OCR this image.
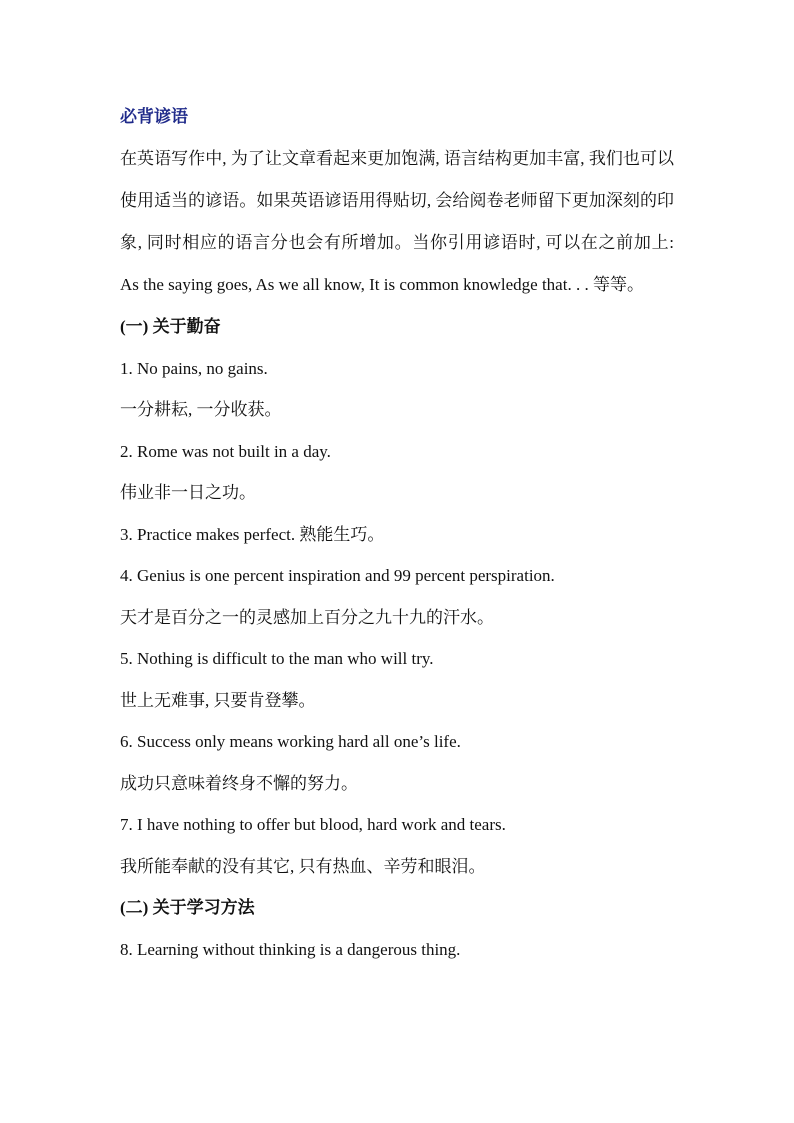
必背谚语

在英语写作中, 为了让文章看起来更加饱满, 语言结构更加丰富, 我们也可以使用适当的谚语。如果英语谚语用得贴切, 会给阅卷老师留下更加深刻的印象, 同时相应的语言分也会有所增加。当你引用谚语时, 可以在之前加上: As the saying goes, As we all know, It is common knowledge that. . . 等等。

(一) 关于勤奋

1. No pains, no gains.

一分耕耘, 一分收获。

2. Rome was not built in a day.

伟业非一日之功。

3. Practice makes perfect. 熟能生巧。

4. Genius is one percent inspiration and 99 percent perspiration.

天才是百分之一的灵感加上百分之九十九的汗水。

5. Nothing is difficult to the man who will try.

世上无难事, 只要肯登攀。

6. Success only means working hard all one’s life.

成功只意味着终身不懈的努力。

7. I have nothing to offer but blood, hard work and tears.

我所能奉献的没有其它, 只有热血、辛劳和眼泪。

(二) 关于学习方法

8. Learning without thinking is a dangerous thing.
